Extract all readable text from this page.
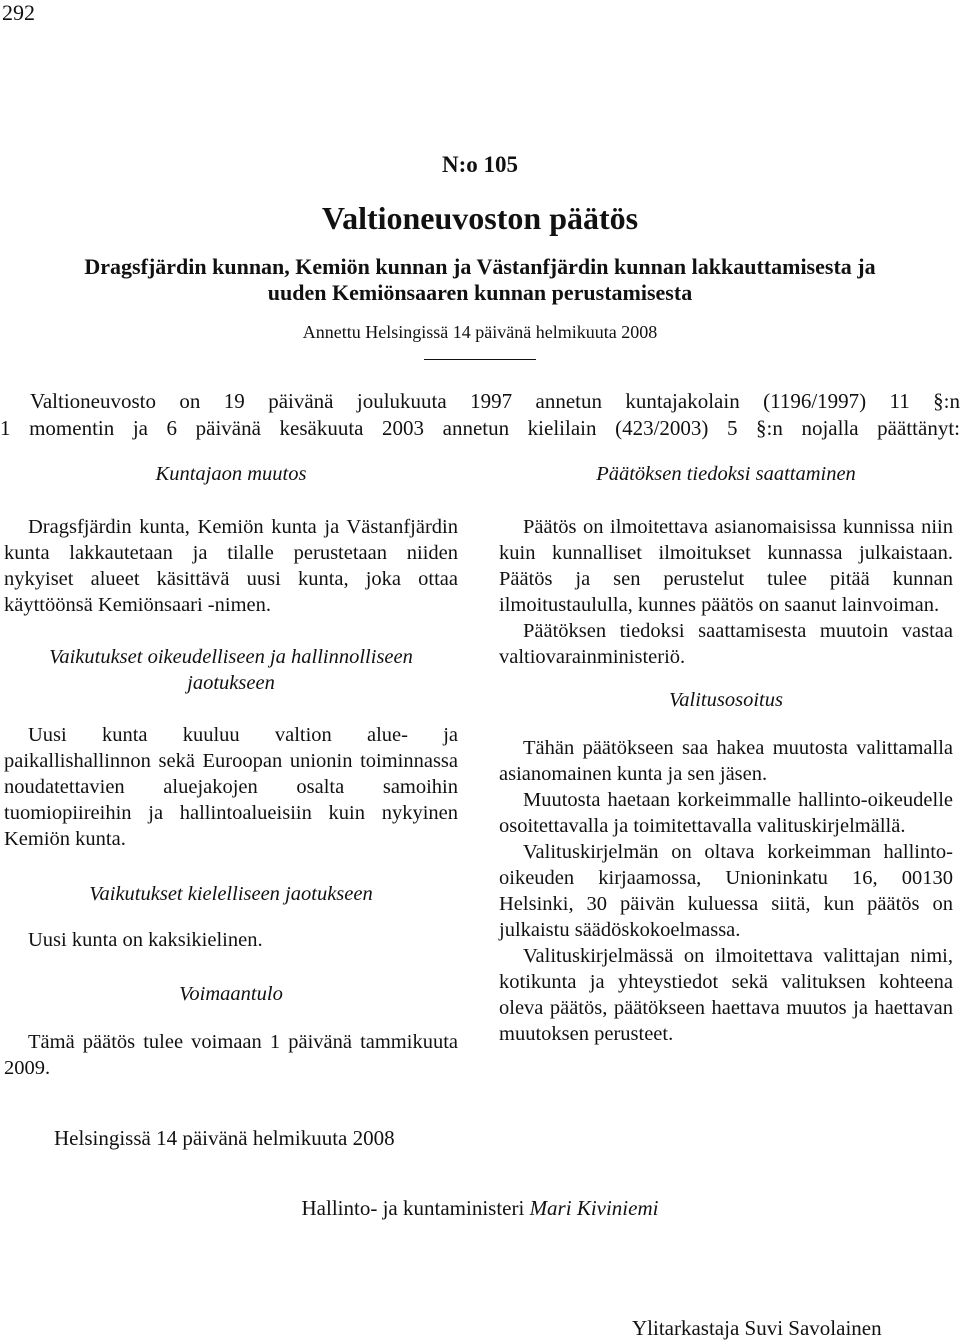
292
N:o 105
Valtioneuvoston päätös
Dragsfjärdin kunnan, Kemiön kunnan ja Västanfjärdin kunnan lakkauttamisesta ja
uuden Kemiönsaaren kunnan perustamisesta
Annettu Helsingissä 14 päivänä helmikuuta 2008
Valtioneuvosto on 19 päivänä joulukuuta 1997 annetun kuntajakolain (1196/1997) 11 §:n
1 momentin ja 6 päivänä kesäkuuta 2003 annetun kielilain (423/2003) 5 §:n nojalla päättänyt:

Kuntajaon muutos

Dragsfjärdin kunta, Kemiön kunta ja Västanfjärdin kunta lakkautetaan ja tilalle perustetaan niiden nykyiset alueet käsittävä uusi kunta, joka ottaa käyttöönsä Kemiönsaari -nimen.

Vaikutukset oikeudelliseen ja hallinnolliseen

jaotukseen

Uusi kunta kuuluu valtion alue- ja paikallishallinnon sekä Euroopan unionin toiminnassa noudatettavien aluejakojen osalta samoihin tuomiopiireihin ja hallintoalueisiin kuin nykyinen Kemiön kunta.

Vaikutukset kielelliseen jaotukseen

Uusi kunta on kaksikielinen.

Voimaantulo

Tämä päätös tulee voimaan 1 päivänä tammikuuta 2009.

Päätöksen tiedoksi saattaminen

Päätös on ilmoitettava asianomaisissa kunnissa niin kuin kunnalliset ilmoitukset kunnassa julkaistaan. Päätös ja sen perustelut tulee pitää kunnan ilmoitustaululla, kunnes päätös on saanut lainvoiman.

Päätöksen tiedoksi saattamisesta muutoin vastaa valtiovarainministeriö.

Valitusosoitus

Tähän päätökseen saa hakea muutosta valittamalla asianomainen kunta ja sen jäsen.

Muutosta haetaan korkeimmalle hallinto-oikeudelle osoitettavalla ja toimitettavalla valituskirjelmällä.

Valituskirjelmän on oltava korkeimman hallinto-oikeuden kirjaamossa, Unioninkatu 16, 00130 Helsinki, 30 päivän kuluessa siitä, kun päätös on julkaistu säädöskokoelmassa.

Valituskirjelmässä on ilmoitettava valittajan nimi, kotikunta ja yhteystiedot sekä valituksen kohteena oleva päätös, päätökseen haettava muutos ja haettavan muutoksen perusteet.

Helsingissä 14 päivänä helmikuuta 2008
Hallinto- ja kuntaministeri Mari Kiviniemi
Ylitarkastaja Suvi Savolainen
